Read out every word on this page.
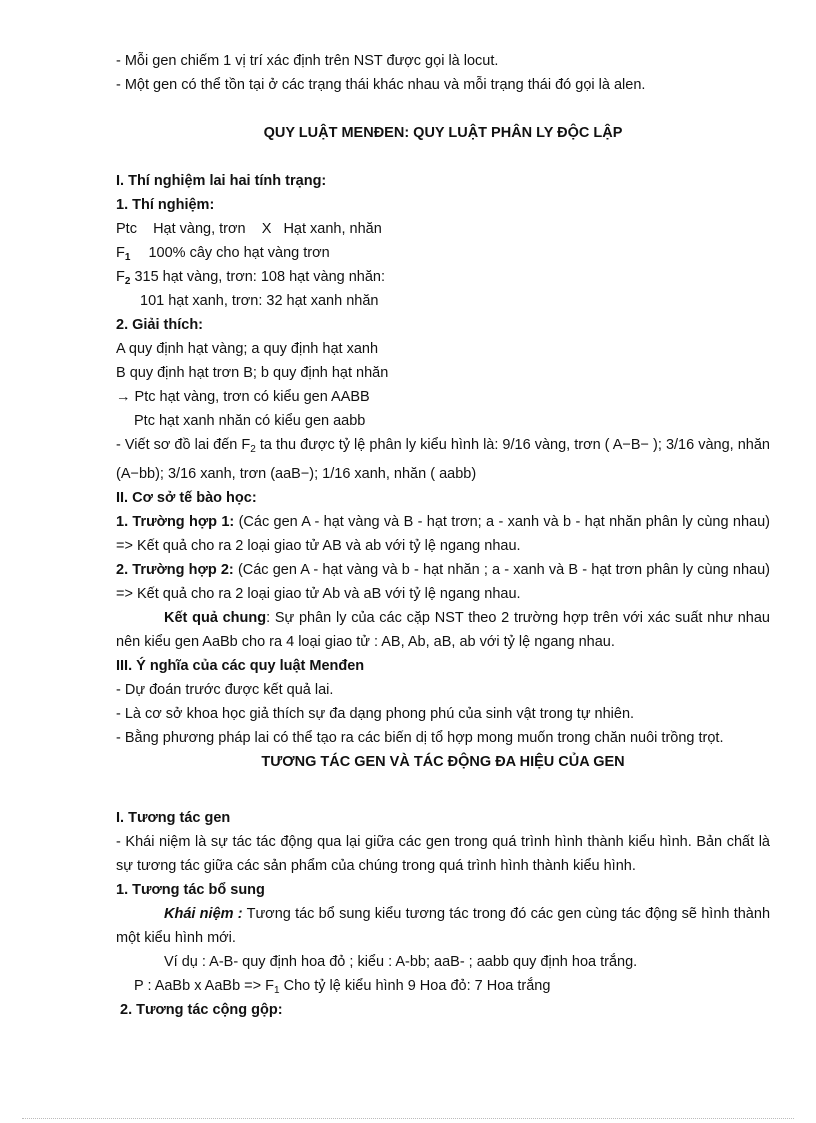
- Mỗi gen chiếm 1 vị trí xác định trên NST được gọi là locut.
- Một gen có thể tồn tại ở các trạng thái khác nhau và mỗi trạng thái đó gọi là alen.
QUY LUẬT MENĐEN: QUY LUẬT PHÂN LY ĐỘC LẬP
I. Thí nghiệm lai hai tính trạng:
1. Thí nghiệm:
Ptc    Hạt vàng, trơn    X   Hạt xanh, nhăn
$F_1$ 100% cây cho hạt vàng trơn
$F_2$ 315 hạt vàng, trơn: 108 hạt vàng nhăn:
101 hạt xanh, trơn: 32 hạt xanh nhăn
2. Giải thích:
A quy định hạt vàng; a quy định hạt xanh
B quy định hạt trơn B; b quy định hạt nhăn
→ Ptc hạt vàng, trơn có kiểu gen AABB
Ptc hạt xanh nhăn có kiểu gen aabb
- Viết sơ đồ lai đến $F_2$ ta thu được tỷ lệ phân ly kiểu hình là: 9/16 vàng, trơn ( A−B− ); 3/16 vàng, nhăn (A−bb); 3/16 xanh, trơn (aaB−); 1/16 xanh, nhăn ( aabb)
II. Cơ sở tế bào học:
1. Trường hợp 1: (Các gen A - hạt vàng và B - hạt trơn; a - xanh và b - hạt nhăn phân ly cùng nhau) => Kết quả cho ra 2 loại giao tử AB và ab với tỷ lệ ngang nhau.
2. Trường hợp 2: (Các gen A - hạt vàng và b - hạt nhăn ; a - xanh và B - hạt trơn phân ly cùng nhau) => Kết quả cho ra 2 loại giao tử Ab và aB với tỷ lệ ngang nhau.
Kết quả chung: Sự phân ly của các cặp NST theo 2 trường hợp trên với xác suất như nhau nên kiểu gen AaBb cho ra 4 loại giao tử : AB, Ab, aB, ab với tỷ lệ ngang nhau.
III. Ý nghĩa của các quy luật Menđen
- Dự đoán trước được kết quả lai.
- Là cơ sở khoa học giả thích sự đa dạng phong phú của sinh vật trong tự nhiên.
- Bằng phương pháp lai có thể tạo ra các biến dị tổ hợp mong muốn trong chăn nuôi trồng trọt.
TƯƠNG TÁC GEN VÀ TÁC ĐỘNG ĐA HIỆU CỦA GEN
I. Tương tác gen
- Khái niệm là sự tác tác động qua lại giữa các gen trong quá trình hình thành kiểu hình. Bản chất là sự tương tác giữa các sản phẩm của chúng trong quá trình hình thành kiểu hình.
1. Tương tác bổ sung
Khái niệm : Tương tác bổ sung kiểu tương tác trong đó các gen cùng tác động sẽ hình thành một kiểu hình mới.
Ví dụ : A-B- quy định hoa đỏ ; kiểu : A-bb; aaB- ; aabb quy định hoa trắng.
P : AaBb x AaBb => $F_1$ Cho tỷ lệ kiểu hình 9 Hoa đỏ: 7 Hoa trắng
2. Tương tác cộng gộp:
